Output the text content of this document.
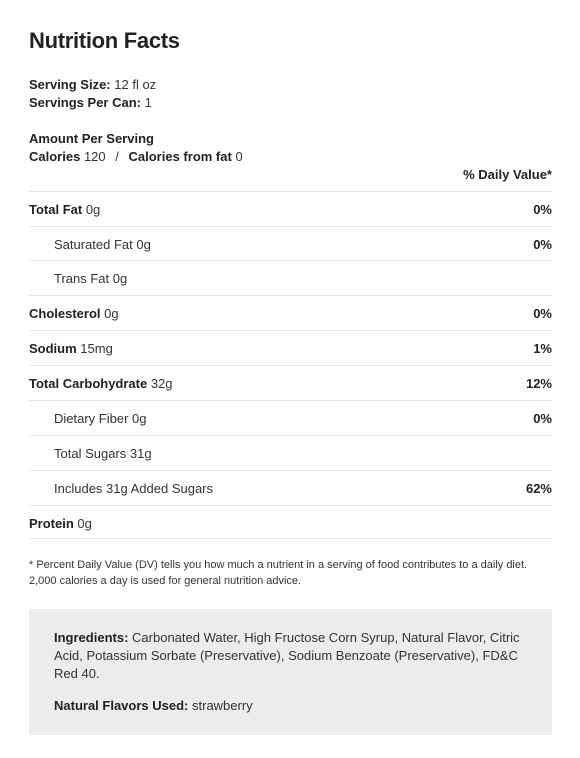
Nutrition Facts
Serving Size: 12 fl oz
Servings Per Can: 1
Amount Per Serving
Calories 120 / Calories from fat 0
% Daily Value*
Total Fat 0g	0%
Saturated Fat 0g	0%
Trans Fat 0g
Cholesterol 0g	0%
Sodium 15mg	1%
Total Carbohydrate 32g	12%
Dietary Fiber 0g	0%
Total Sugars 31g
Includes 31g Added Sugars	62%
Protein 0g
* Percent Daily Value (DV) tells you how much a nutrient in a serving of food contributes to a daily diet. 2,000 calories a day is used for general nutrition advice.
Ingredients: Carbonated Water, High Fructose Corn Syrup, Natural Flavor, Citric Acid, Potassium Sorbate (Preservative), Sodium Benzoate (Preservative), FD&C Red 40.
Natural Flavors Used: strawberry
